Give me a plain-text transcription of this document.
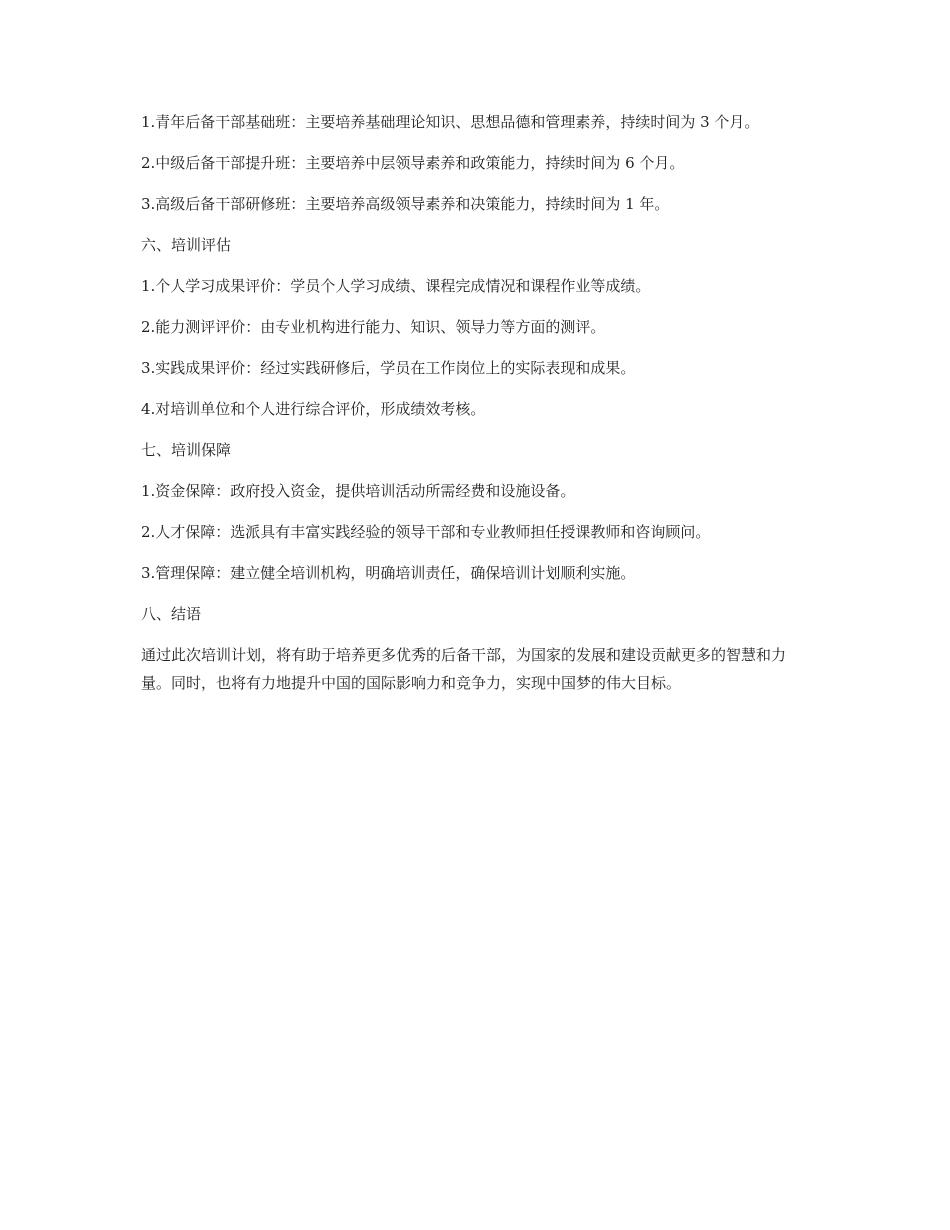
1.青年后备干部基础班：主要培养基础理论知识、思想品德和管理素养，持续时间为 3 个月。

2.中级后备干部提升班：主要培养中层领导素养和政策能力，持续时间为 6 个月。

3.高级后备干部研修班：主要培养高级领导素养和决策能力，持续时间为 1 年。

六、培训评估

1.个人学习成果评价：学员个人学习成绩、课程完成情况和课程作业等成绩。

2.能力测评评价：由专业机构进行能力、知识、领导力等方面的测评。

3.实践成果评价：经过实践研修后，学员在工作岗位上的实际表现和成果。

4.对培训单位和个人进行综合评价，形成绩效考核。

七、培训保障

1.资金保障：政府投入资金，提供培训活动所需经费和设施设备。

2.人才保障：选派具有丰富实践经验的领导干部和专业教师担任授课教师和咨询顾问。

3.管理保障：建立健全培训机构，明确培训责任，确保培训计划顺利实施。

八、结语

通过此次培训计划，将有助于培养更多优秀的后备干部，为国家的发展和建设贡献更多的智慧和力量。同时，也将有力地提升中国的国际影响力和竞争力，实现中国梦的伟大目标。
